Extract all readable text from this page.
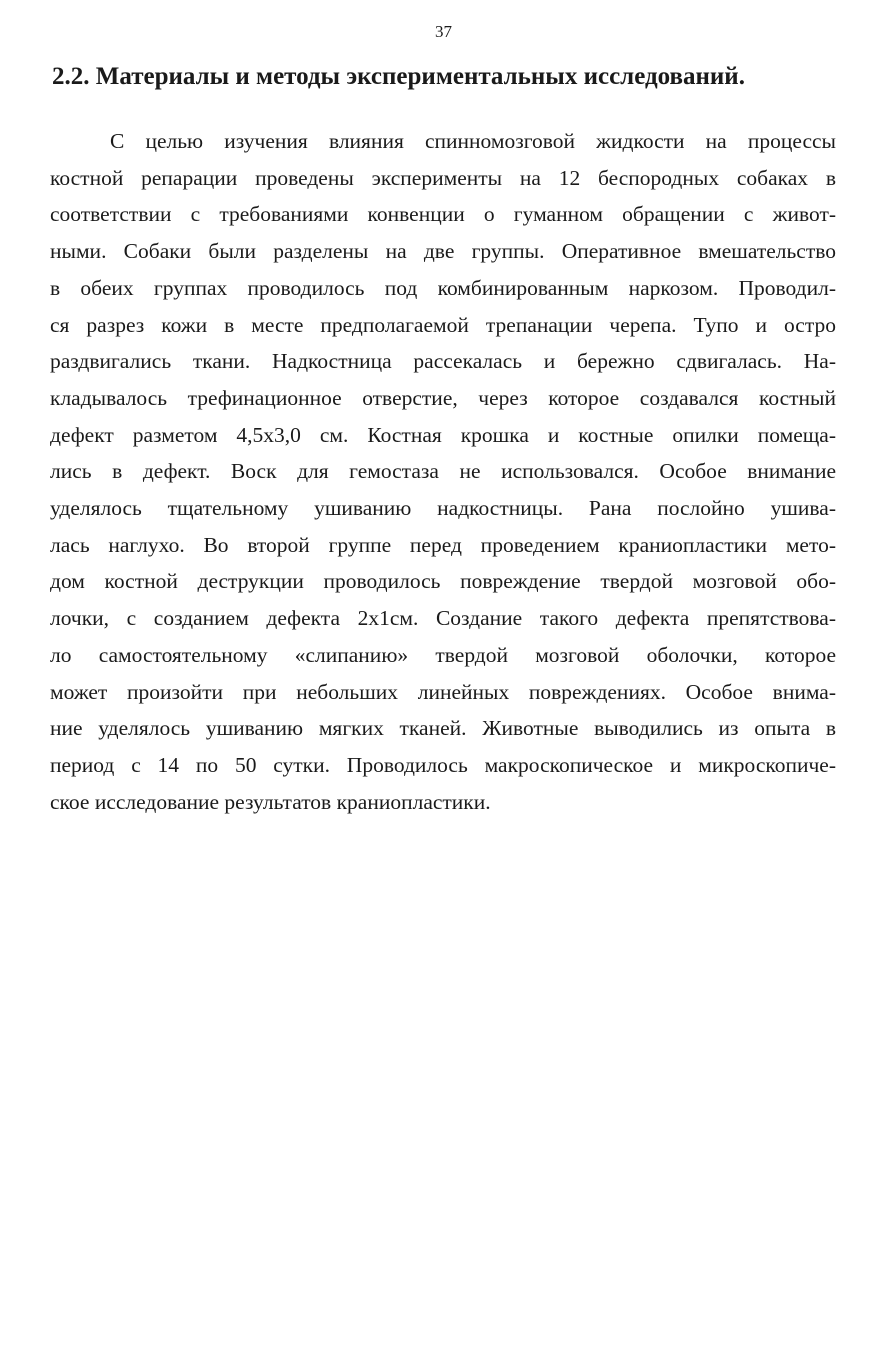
37
2.2. Материалы и методы экспериментальных исследований.
С целью изучения влияния спинномозговой жидкости на процессы
костной репарации проведены эксперименты на 12 беспородных собаках в
соответствии с требованиями конвенции о гуманном обращении с живот-
ными. Собаки были разделены на две группы. Оперативное вмешательство
в обеих группах проводилось под комбинированным наркозом. Проводил-
ся разрез кожи в месте предполагаемой трепанации черепа. Тупо и остро
раздвигались ткани. Надкостница рассекалась и бережно сдвигалась. На-
кладывалось трефинационное отверстие, через которое создавался костный
дефект разметом 4,5х3,0 см. Костная крошка и костные опилки помеща-
лись в дефект. Воск для гемостаза не использовался. Особое внимание
уделялось тщательному ушиванию надкостницы. Рана послойно ушива-
лась наглухо. Во второй группе перед проведением краниопластики мето-
дом костной деструкции проводилось повреждение твердой мозговой обо-
лочки, с созданием дефекта 2х1см. Создание такого дефекта препятствова-
ло самостоятельному «слипанию» твердой мозговой оболочки, которое
может произойти при небольших линейных повреждениях. Особое внима-
ние уделялось ушиванию мягких тканей. Животные выводились из опыта в
период с 14 по 50 сутки. Проводилось макроскопическое и микроскопиче-
ское исследование результатов краниопластики.
